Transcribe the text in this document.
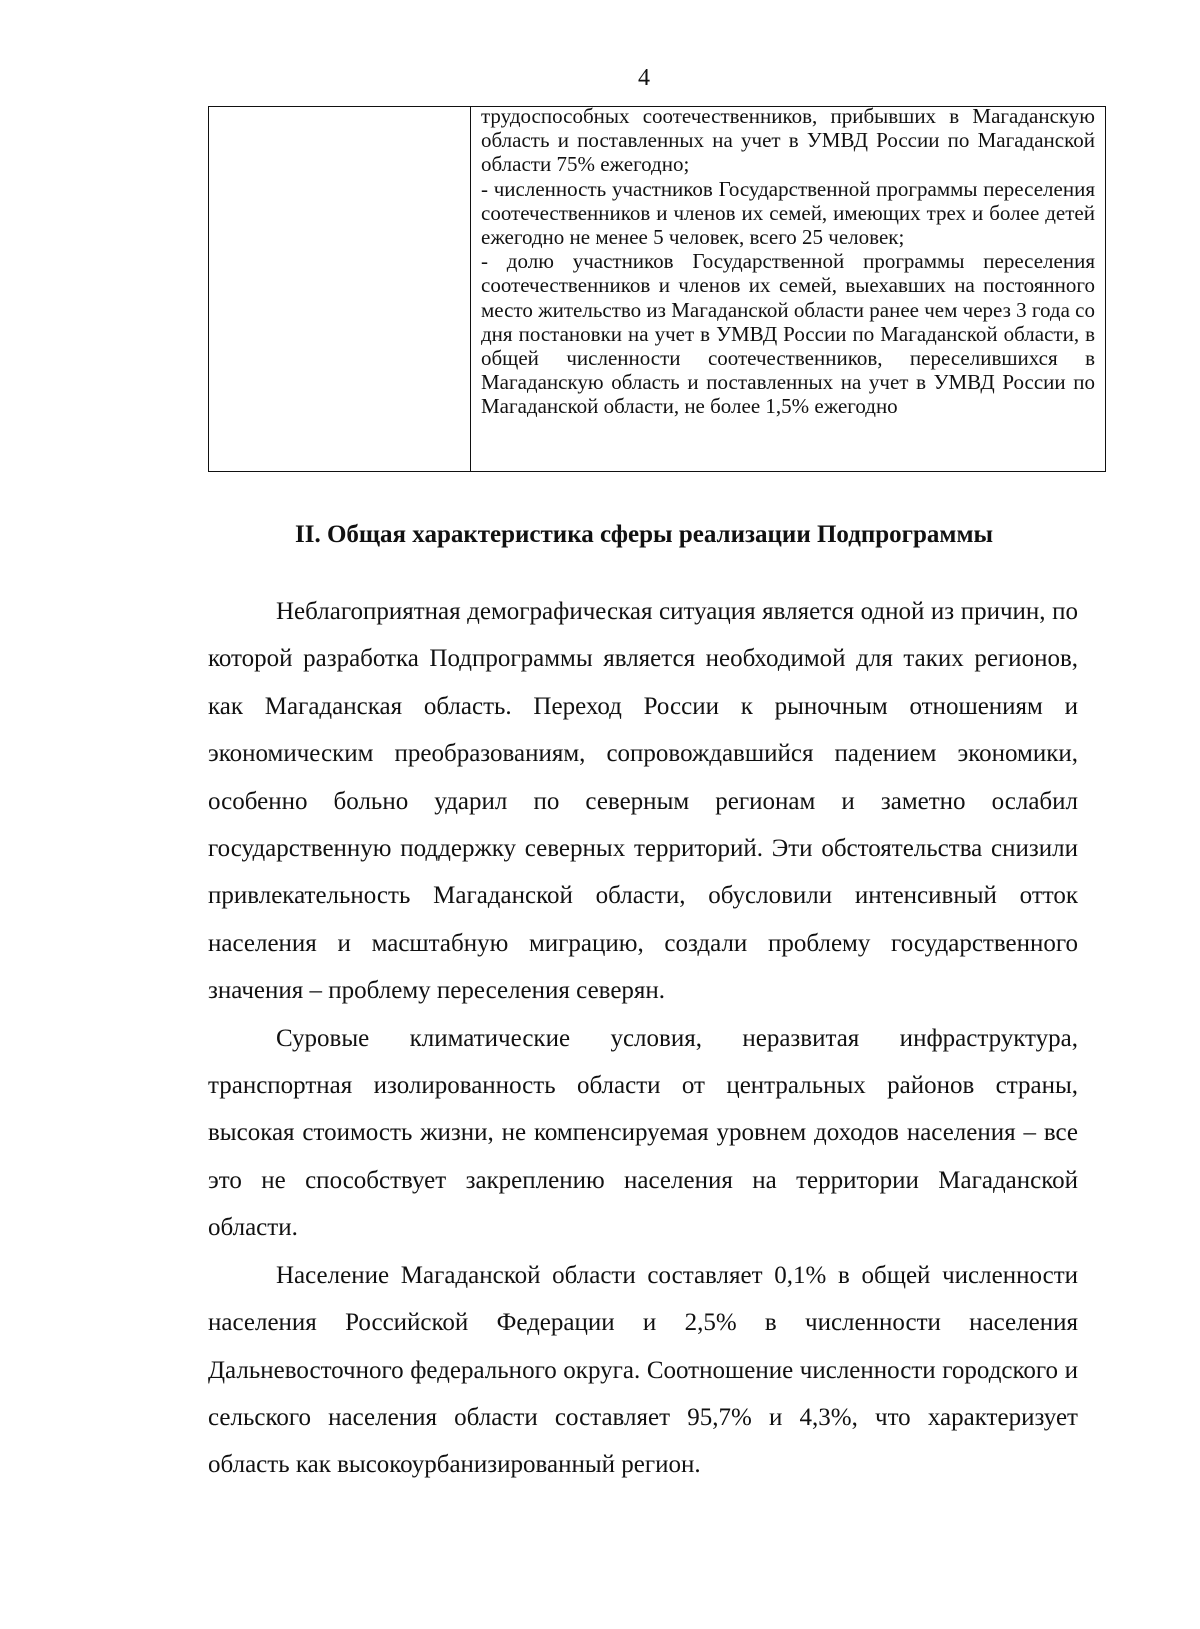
4

трудоспособных соотечественников, прибывших в Магаданскую область и поставленных на учет в УМВД России по Магаданской области 75% ежегодно;

- численность участников Государственной программы переселения соотечественников и членов их семей, имеющих трех и более детей ежегодно не менее 5 человек, всего 25 человек;

- долю участников Государственной программы переселения соотечественников и членов их семей, выехавших на постоянного место жительство из Магаданской области ранее чем через 3 года со дня постановки на учет в УМВД России по Магаданской области, в общей численности соотечественников, переселившихся в Магаданскую область и поставленных на учет в УМВД России по Магаданской области, не более 1,5% ежегодно

II. Общая характеристика сферы реализации Подпрограммы

Неблагоприятная демографическая ситуация является одной из причин, по которой разработка Подпрограммы является необходимой для таких регионов, как Магаданская область. Переход России к рыночным отношениям и экономическим преобразованиям, сопровождавшийся падением экономики, особенно больно ударил по северным регионам и заметно ослабил государственную поддержку северных территорий. Эти обстоятельства снизили привлекательность Магаданской области, обусловили интенсивный отток населения и масштабную миграцию, создали проблему государственного значения – проблему переселения северян.

Суровые климатические условия, неразвитая инфраструктура, транспортная изолированность области от центральных районов страны, высокая стоимость жизни, не компенсируемая уровнем доходов населения – все это не способствует закреплению населения на территории Магаданской области.

Население Магаданской области составляет 0,1% в общей численности населения Российской Федерации и 2,5% в численности населения Дальневосточного федерального округа. Соотношение численности городского и сельского населения области составляет 95,7% и 4,3%, что характеризует область как высокоурбанизированный регион.
